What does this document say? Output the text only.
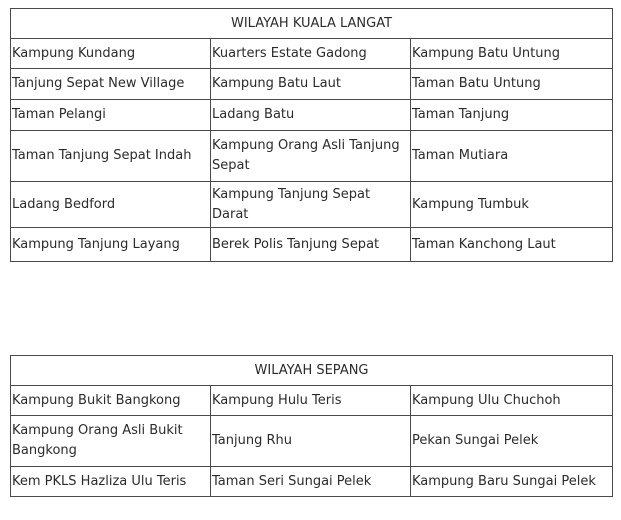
WILAYAH KUALA LANGAT		
Kampung Kundang	Kuarters Estate Gadong	Kampung Batu Untung
Tanjung Sepat New Village	Kampung Batu Laut	Taman Batu Untung
Taman Pelangi	Ladang Batu	Taman Tanjung
Taman Tanjung Sepat Indah	Kampung Orang Asli Tanjung Sepat	Taman Mutiara
Ladang Bedford	Kampung Tanjung Sepat Darat	Kampung Tumbuk
Kampung Tanjung Layang	Berek Polis Tanjung Sepat	Taman Kanchong Laut
WILAYAH SEPANG		
Kampung Bukit Bangkong	Kampung Hulu Teris	Kampung Ulu Chuchoh
Kampung Orang Asli Bukit Bangkong	Tanjung Rhu	Pekan Sungai Pelek
Kem PKLS Hazliza Ulu Teris	Taman Seri Sungai Pelek	Kampung Baru Sungai Pelek
